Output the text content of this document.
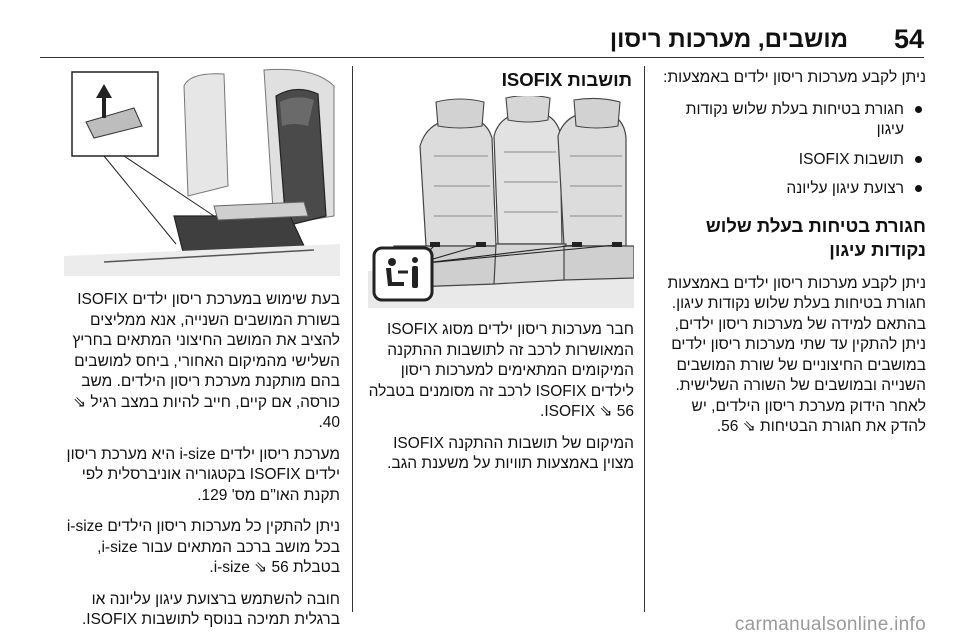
54
מושבים, מערכות ריסון

ניתן לקבע מערכות ריסון ילדים באמצעות:

חגורת בטיחות בעלת שלוש נקודות עיגון
תושבות ISOFIX
רצועת עיגון עליונה
חגורת בטיחות בעלת שלוש נקודות עיגון

ניתן לקבע מערכות ריסון ילדים באמצעות חגורת בטיחות בעלת שלוש נקודות עיגון. בהתאם למידה של מערכות ריסון ילדים, ניתן להתקין עד שתי מערכות ריסון ילדים במושבים החיצוניים של שורת המושבים השנייה ובמושבים של השורה השלישית. לאחר הידוק מערכת ריסון הילדים, יש להדק את חגורת הבטיחות ⇘ 56.

תושבות ISOFIX

חבר מערכות ריסון ילדים מסוג ISOFIX המאושרות לרכב זה לתושבות ההתקנה המיקומים המתאימים למערכות ריסון לילדים ISOFIX לרכב זה מסומנים בטבלה ISOFIX ⇘ 56.

המיקום של תושבות ההתקנה ISOFIX מצוין באמצעות תוויות על משענת הגב.

בעת שימוש במערכת ריסון ילדים ISOFIX בשורת המושבים השנייה, אנא ממליצים להציב את המושב החיצוני המתאים בחריץ השלישי מהמיקום האחורי, ביחס למושבים בהם מותקנת מערכת ריסון הילדים. משב כורסה, אם קיים, חייב להיות במצב רגיל ⇘ 40.

מערכת ריסון ילדים i-size היא מערכת ריסון ילדים ISOFIX בקטגוריה אוניברסלית לפי תקנת האו"ם מס' 129.

ניתן להתקין כל מערכות ריסון הילדים i-size בכל מושב ברכב המתאים עבור i-size, בטבלת i-size ⇘ 56.

חובה להשתמש ברצועת עיגון עליונה או ברגלית תמיכה בנוסף לתושבות ISOFIX.	carmanualsonline.info
